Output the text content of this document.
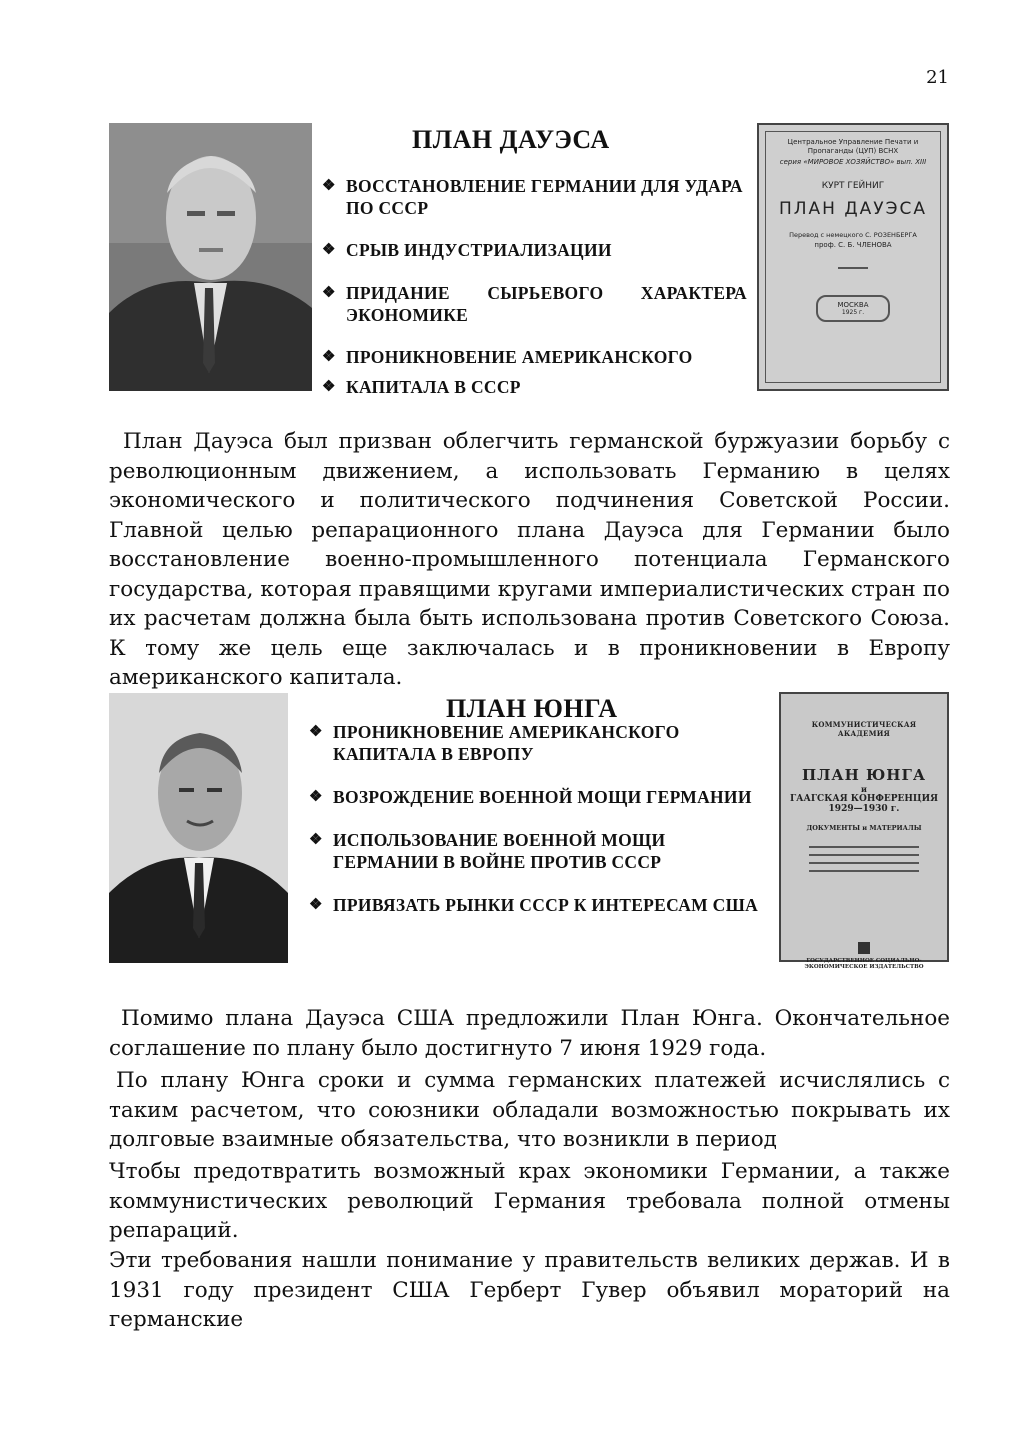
21
ПЛАН ДАУЭСА
❖ ВОССТАНОВЛЕНИЕ ГЕРМАНИИ ДЛЯ УДАРА ПО СССР
❖ СРЫВ ИНДУСТРИАЛИЗАЦИИ
❖ ПРИДАНИЕ СЫРЬЕВОГО ХАРАКТЕРА ЭКОНОМИКЕ
❖ ПРОНИКНОВЕНИЕ АМЕРИКАНСКОГО
❖ КАПИТАЛА В СССР
Центральное Управление Печати и Пропаганды (ЦУП) ВСНХ
серия «МИРОВОЕ ХОЗЯЙСТВО» вып. XIII
КУРТ ГЕЙНИГ
ПЛАН ДАУЭСА
Перевод с немецкого С. РОЗЕНБЕРГА
проф. С. Б. ЧЛЕНОВА
МОСКВА
1925 г.

План Дауэса был призван облегчить германской буржуазии борьбу с революционным движением, а использовать Германию в целях экономического и политического подчинения Советской России. Главной целью репарационного плана Дауэса для Германии было восстановление военно-промышленного потенциала Германского государства, которая правящими кругами империалистических стран по их расчетам должна была быть использована против Советского Союза. К тому же цель еще заключалась и в проникновении в Европу американского капитала.

ПЛАН ЮНГА
❖ ПРОНИКНОВЕНИЕ АМЕРИКАНСКОГО КАПИТАЛА В ЕВРОПУ
❖ ВОЗРОЖДЕНИЕ ВОЕННОЙ МОЩИ ГЕРМАНИИ
❖ ИСПОЛЬЗОВАНИЕ ВОЕННОЙ МОЩИ ГЕРМАНИИ В ВОЙНЕ ПРОТИВ СССР
❖ ПРИВЯЗАТЬ РЫНКИ СССР К ИНТЕРЕСАМ США
КОММУНИСТИЧЕСКАЯ АКАДЕМИЯ
ПЛАН ЮНГА
и
ГААГСКАЯ КОНФЕРЕНЦИЯ
1929—1930 г.
ДОКУМЕНТЫ и МАТЕРИАЛЫ
ГОСУДАРСТВЕННОЕ СОЦИАЛЬНО-ЭКОНОМИЧЕСКОЕ ИЗДАТЕЛЬСТВО

Помимо плана Дауэса США предложили План Юнга. Окончательное соглашение по плану было достигнуто 7 июня 1929 года.

По плану Юнга сроки и сумма германских платежей исчислялись с таким расчетом, что союзники обладали возможностью покрывать их долговые взаимные обязательства, что возникли в период

Чтобы предотвратить возможный крах экономики Германии, а также коммунистических революций Германия требовала полной отмены репараций.

Эти требования нашли понимание у правительств великих держав. И в 1931 году президент США Герберт Гувер объявил мораторий на германские
